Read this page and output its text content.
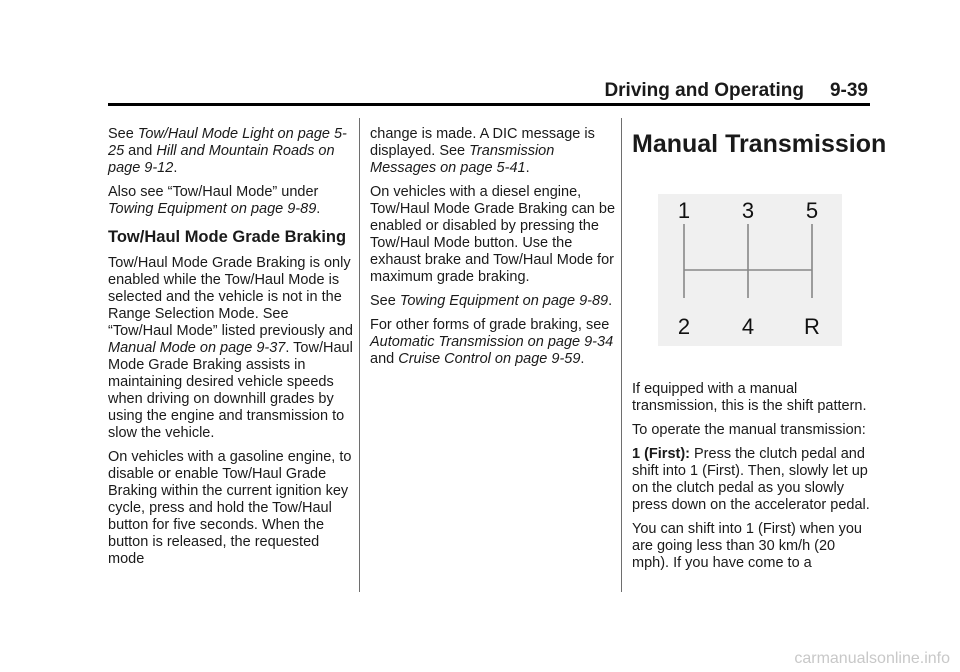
Driving and Operating 9-39

See Tow/Haul Mode Light on page 5-25 and Hill and Mountain Roads on page 9-12.

Also see “Tow/Haul Mode” under Towing Equipment on page 9-89.

Tow/Haul Mode Grade Braking

Tow/Haul Mode Grade Braking is only enabled while the Tow/Haul Mode is selected and the vehicle is not in the Range Selection Mode. See “Tow/Haul Mode” listed previously and Manual Mode on page 9-37. Tow/Haul Mode Grade Braking assists in maintaining desired vehicle speeds when driving on downhill grades by using the engine and transmission to slow the vehicle.

On vehicles with a gasoline engine, to disable or enable Tow/Haul Grade Braking within the current ignition key cycle, press and hold the Tow/Haul button for five seconds. When the button is released, the requested mode

change is made. A DIC message is displayed. See Transmission Messages on page 5-41.

On vehicles with a diesel engine, Tow/Haul Mode Grade Braking can be enabled or disabled by pressing the Tow/Haul Mode button. Use the exhaust brake and Tow/Haul Mode for maximum grade braking.

See Towing Equipment on page 9-89.

For other forms of grade braking, see Automatic Transmission on page 9-34 and Cruise Control on page 9-59.

Manual Transmission
1 3 5
2 4 R

If equipped with a manual transmission, this is the shift pattern.

To operate the manual transmission:

1 (First): Press the clutch pedal and shift into 1 (First). Then, slowly let up on the clutch pedal as you slowly press down on the accelerator pedal.

You can shift into 1 (First) when you are going less than 30 km/h (20 mph). If you have come to a

carmanualsonline.info
